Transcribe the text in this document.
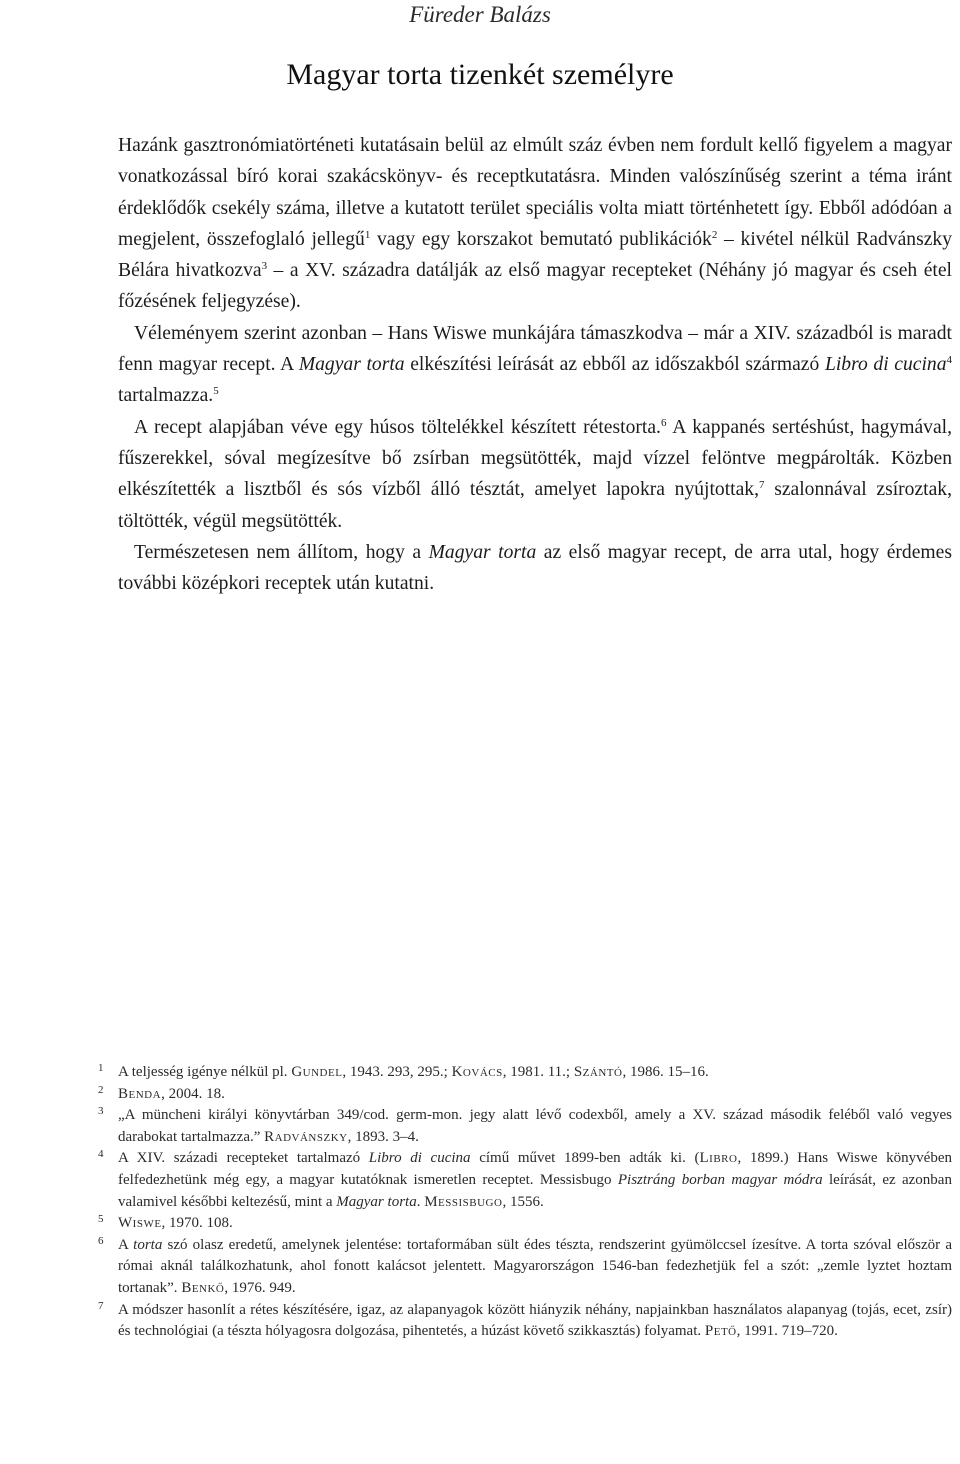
Füreder Balázs
Magyar torta tizenkét személyre

Hazánk gasztronómiatörténeti kutatásain belül az elmúlt száz évben nem fordult kellő figyelem a magyar vonatkozással bíró korai szakácskönyv- és receptkutatásra. Minden valószínűség szerint a téma iránt érdeklődők csekély száma, illetve a kutatott terület speciális volta miatt történhetett így. Ebből adódóan a megjelent, összefoglaló jellegű$^1$ vagy egy korszakot bemutató publikációk$^2$ – kivétel nélkül Radvánszky Bélára hivatkozva$^3$ – a XV. századra datálják az első magyar recepteket (Néhány jó magyar és cseh étel főzésének feljegyzése).

Véleményem szerint azonban – Hans Wiswe munkájára támaszkodva – már a XIV. századból is maradt fenn magyar recept. A Magyar torta elkészítési leírását az ebből az időszakból származó Libro di cucina$^4$ tartalmazza.$^5$

A recept alapjában véve egy húsos töltelékkel készített rétestorta.$^6$ A kappanés sertéshúst, hagymával, fűszerekkel, sóval megízesítve bő zsírban megsütötték, majd vízzel felöntve megpárolták. Közben elkészítették a lisztből és sós vízből álló tésztát, amelyet lapokra nyújtottak,$^7$ szalonnával zsíroztak, töltötték, végül megsütötték.

Természetesen nem állítom, hogy a Magyar torta az első magyar recept, de arra utal, hogy érdemes további középkori receptek után kutatni.

1 A teljesség igénye nélkül pl. Gundel, 1943. 293, 295.; Kovács, 1981. 11.; Szántó, 1986. 15–16.

2 Benda, 2004. 18.

3 „A müncheni királyi könyvtárban 349/cod. germ-mon. jegy alatt lévő codexből, amely a XV. század második feléből való vegyes darabokat tartalmazza.” Radvánszky, 1893. 3–4.

4 A XIV. századi recepteket tartalmazó Libro di cucina című művet 1899-ben adták ki. (Libro, 1899.) Hans Wiswe könyvében felfedezhetünk még egy, a magyar kutatóknak ismeretlen receptet. Messisbugo Pisztráng borban magyar módra leírását, ez azonban valamivel későbbi keltezésű, mint a Magyar torta. Messisbugo, 1556.

5 Wiswe, 1970. 108.

6 A torta szó olasz eredetű, amelynek jelentése: tortaformában sült édes tészta, rendszerint gyümölccsel ízesítve. A torta szóval először a római aknál találkozhatunk, ahol fonott kalácsot jelentett. Magyarországon 1546-ban fedezhetjük fel a szót: „zemle lyztet hoztam tortanak”. Benkő, 1976. 949.

7 A módszer hasonlít a rétes készítésére, igaz, az alapanyagok között hiányzik néhány, napjainkban használatos alapanyag (tojás, ecet, zsír) és technológiai (a tészta hólyagosra dolgozása, pihentetés, a húzást követő szikkasztás) folyamat. Pető, 1991. 719–720.
